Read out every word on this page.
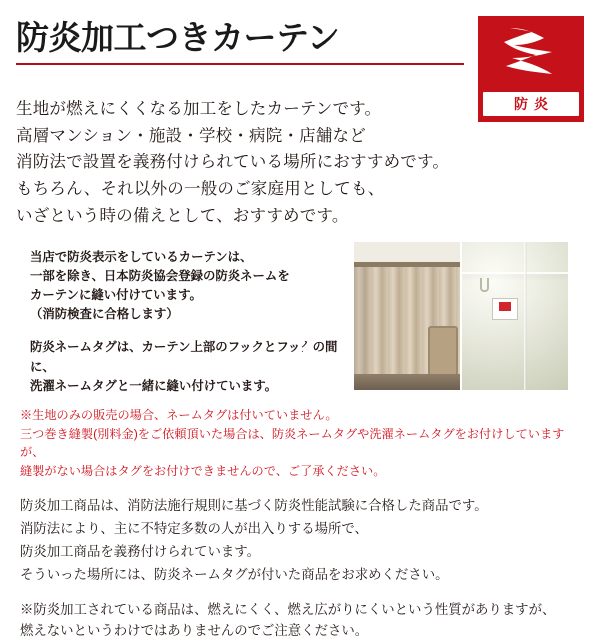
防炎
防炎加工つきカーテン
生地が燃えにくくなる加工をしたカーテンです。
高層マンション・施設・学校・病院・店舗など
消防法で設置を義務付けられている場所におすすめです。
もちろん、それ以外の一般のご家庭用としても、
いざという時の備えとして、おすすめです。
当店で防炎表示をしているカーテンは、
一部を除き、日本防炎協会登録の防炎ネームを
カーテンに縫い付けています。
（消防検査に合格します）
防炎ネームタグは、カーテン上部のフックとフックの間に、
洗濯ネームタグと一緒に縫い付けています。
※生地のみの販売の場合、ネームタグは付いていません。
三つ巻き縫製(別料金)をご依頼頂いた場合は、防炎ネームタグや洗濯ネームタグをお付けしていますが、
縫製がない場合はタグをお付けできませんので、ご了承ください。
防炎加工商品は、消防法施行規則に基づく防炎性能試験に合格した商品です。
消防法により、主に不特定多数の人が出入りする場所で、
防炎加工商品を義務付けられています。
そういった場所には、防炎ネームタグが付いた商品をお求めください。
※防炎加工されている商品は、燃えにくく、燃え広がりにくいという性質がありますが、
燃えないというわけではありませんのでご注意ください。
